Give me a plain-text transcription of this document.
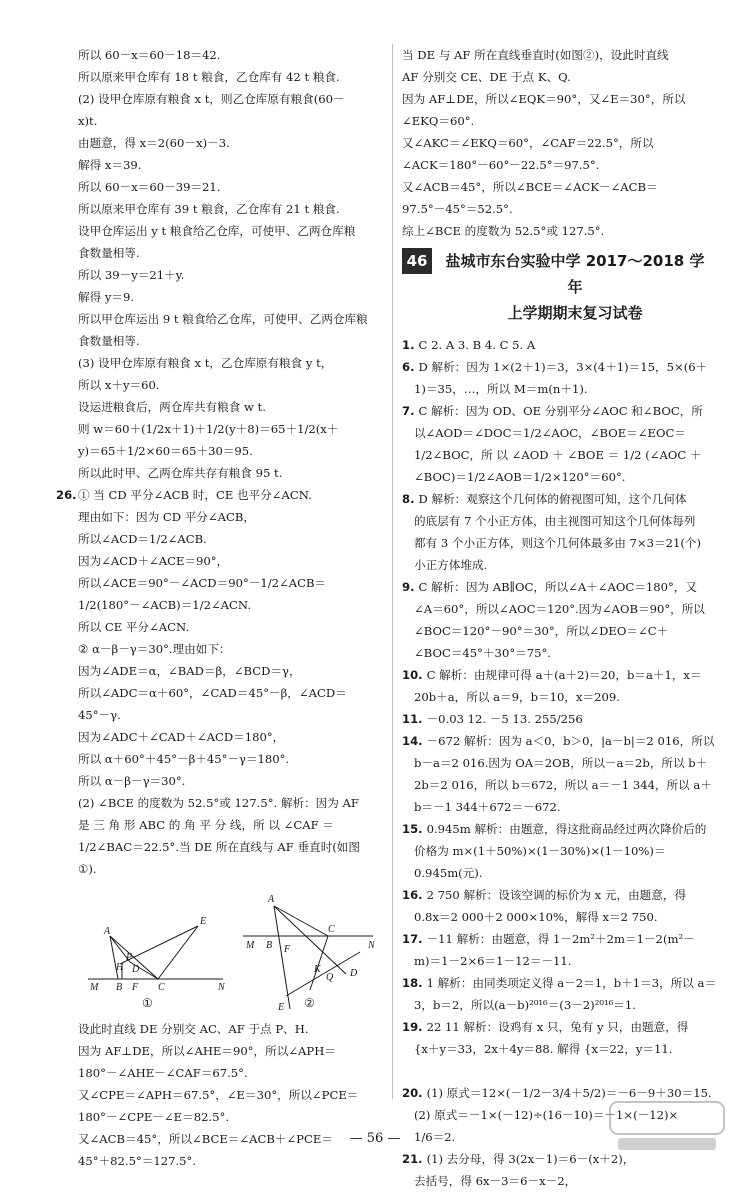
所以 60－x＝60－18＝42.
所以原来甲仓库有 18 t 粮食，乙仓库有 42 t 粮食.
(2) 设甲仓库原有粮食 x t，则乙仓库原有粮食(60－
x)t.
由题意，得 x＝2(60－x)－3.
解得 x＝39.
所以 60－x＝60－39＝21.
所以原来甲仓库有 39 t 粮食，乙仓库有 21 t 粮食.
设甲仓库运出 y t 粮食给乙仓库，可使甲、乙两仓库粮
食数量相等.
所以 39－y＝21＋y.
解得 y＝9.
所以甲仓库运出 9 t 粮食给乙仓库，可使甲、乙两仓库粮
食数量相等.
(3) 设甲仓库原有粮食 x t，乙仓库原有粮食 y t，
所以 x＋y＝60.
设运进粮食后，两仓库共有粮食 w t.
则 w＝60＋(1/2x＋1)＋1/2(y＋8)＝65＋1/2(x＋
y)＝65＋1/2×60＝65＋30＝95.
所以此时甲、乙两仓库共存有粮食 95 t.
26.① 当 CD 平分∠ACB 时，CE 也平分∠ACN.
理由如下：因为 CD 平分∠ACB，
所以∠ACD＝1/2∠ACB.
因为∠ACD＋∠ACE＝90°，
所以∠ACE＝90°－∠ACD＝90°－1/2∠ACB＝
1/2(180°－∠ACB)＝1/2∠ACN.
所以 CE 平分∠ACN.
② α－β－γ＝30°.理由如下：
因为∠ADE＝α，∠BAD＝β，∠BCD＝γ，
所以∠ADC＝α＋60°，∠CAD＝45°－β，∠ACD＝
45°－γ.
因为∠ADC＋∠CAD＋∠ACD＝180°，
所以 α＋60°＋45°－β＋45°－γ＝180°.
所以 α－β－γ＝30°.
(2) ∠BCE 的度数为 52.5°或 127.5°. 解析：因为 AF
是 三 角 形 ABC 的 角 平 分 线，所 以 ∠CAF ＝
1/2∠BAC＝22.5°.当 DE 所在直线与 AF 垂直时(如图
①).
A
P
H D
E
M B F C	N
A
M B F
C
N
K
Q D
E
①	②
设此时直线 DE 分别交 AC、AF 于点 P、H.
因为 AF⊥DE，所以∠AHE＝90°，所以∠APH＝
180°－∠AHE－∠CAF＝67.5°.
又∠CPE＝∠APH＝67.5°，∠E＝30°，所以∠PCE＝
180°－∠CPE－∠E＝82.5°.
又∠ACB＝45°，所以∠BCE＝∠ACB＋∠PCE＝
45°＋82.5°＝127.5°.
当 DE 与 AF 所在直线垂直时(如图②)，设此时直线
AF 分别交 CE、DE 于点 K、Q.
因为 AF⊥DE，所以∠EQK＝90°，又∠E＝30°，所以
∠EKQ＝60°.
又∠AKC＝∠EKQ＝60°，∠CAF＝22.5°，所以
∠ACK＝180°－60°－22.5°＝97.5°.
又∠ACB＝45°，所以∠BCE＝∠ACK－∠ACB＝
97.5°－45°＝52.5°.
综上∠BCE 的度数为 52.5°或 127.5°.
46	盐城市东台实验中学 2017～2018 学年
上学期期末复习试卷
1. C 2. A 3. B 4. C 5. A
6. D 解析：因为 1×(2＋1)＝3，3×(4＋1)＝15，5×(6＋
1)＝35，…，所以 M＝m(n＋1).
7. C 解析：因为 OD、OE 分别平分∠AOC 和∠BOC，所
以∠AOD＝∠DOC＝1/2∠AOC，∠BOE＝∠EOC＝
1/2∠BOC，所 以 ∠AOD ＋ ∠BOE ＝ 1/2 (∠AOC ＋
∠BOC)＝1/2∠AOB＝1/2×120°＝60°.
8. D 解析：观察这个几何体的俯视图可知，这个几何体
的底层有 7 个小正方体，由主视图可知这个几何体每列
都有 3 个小正方体，则这个几何体最多由 7×3＝21(个)
小正方体堆成.
9. C 解析：因为 AB∥OC，所以∠A＋∠AOC＝180°，又
∠A＝60°，所以∠AOC＝120°.因为∠AOB＝90°，所以
∠BOC＝120°－90°＝30°，所以∠DEO＝∠C＋
∠BOC＝45°＋30°＝75°.
10. C 解析：由规律可得 a＋(a＋2)＝20，b＝a＋1，x＝
20b＋a，所以 a＝9，b＝10，x＝209.
11. －0.03 12. －5 13. 255/256
14. －672 解析：因为 a＜0，b＞0，|a－b|＝2 016，所以
b－a＝2 016.因为 OA＝2OB，所以－a＝2b，所以 b＋
2b＝2 016，所以 b＝672，所以 a＝－1 344，所以 a＋
b＝－1 344＋672＝－672.
15. 0.945m 解析：由题意，得这批商品经过两次降价后的
价格为 m×(1＋50%)×(1－30%)×(1－10%)＝
0.945m(元).
16. 2 750 解析：设该空调的标价为 x 元，由题意，得
0.8x＝2 000＋2 000×10%，解得 x＝2 750.
17. －11 解析：由题意，得 1－2m²＋2m＝1－2(m²－
m)＝1－2×6＝1－12＝－11.
18. 1 解析：由同类项定义得 a－2＝1，b＋1＝3，所以 a＝
3，b＝2，所以(a－b)²⁰¹⁶＝(3－2)²⁰¹⁶＝1.
19. 22 11 解析：设鸡有 x 只，兔有 y 只，由题意，得
{x＋y＝33，2x＋4y＝88. 解得 {x＝22，y＝11.
20. (1) 原式＝12×(－1/2－3/4＋5/2)＝－6－9＋30＝15.
(2) 原式＝－1×(－12)÷(16－10)＝－1×(－12)×
1/6＝2.
21. (1) 去分母，得 3(2x－1)＝6－(x＋2)，
去括号，得 6x－3＝6－x－2，
— 56 —
